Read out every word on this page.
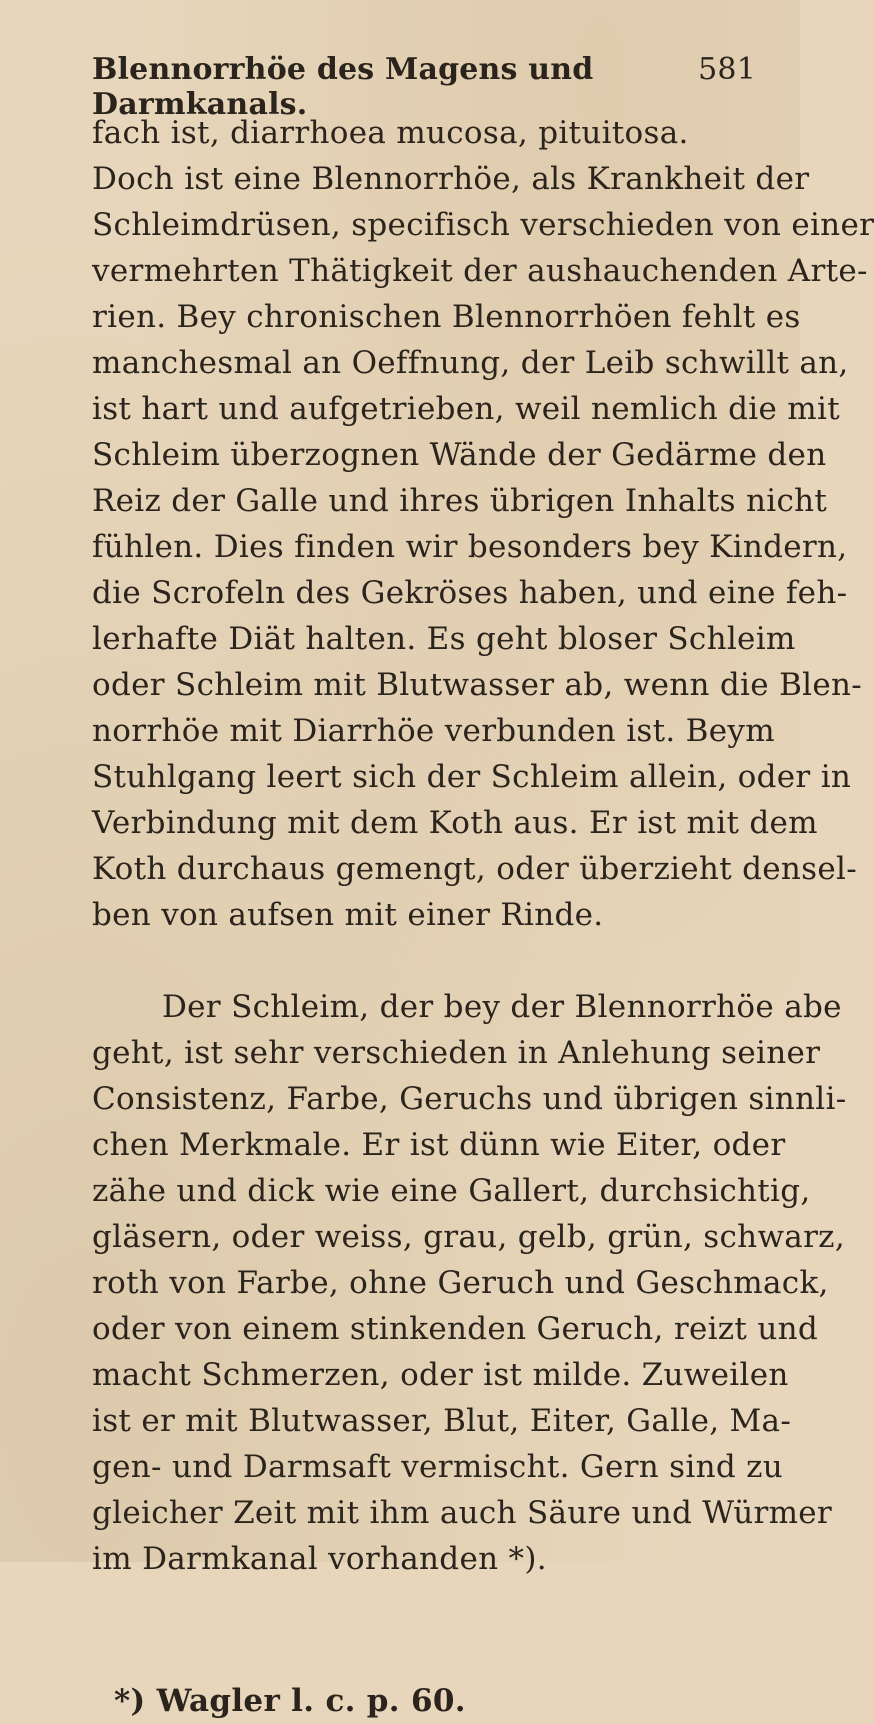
Blennorrhöe des Magens und Darmkanals.
581
fach ist, diarrhoea mucosa, pituitosa.
Doch ist eine Blennorrhöe, als Krankheit der
Schleimdrüsen, specifisch verschieden von einer
vermehrten Thätigkeit der aushauchenden Arte-
rien. Bey chronischen Blennorrhöen fehlt es
manchesmal an Oeffnung, der Leib schwillt an,
ist hart und aufgetrieben, weil nemlich die mit
Schleim überzognen Wände der Gedärme den
Reiz der Galle und ihres übrigen Inhalts nicht
fühlen. Dies finden wir besonders bey Kindern,
die Scrofeln des Gekröses haben, und eine feh-
lerhafte Diät halten. Es geht bloser Schleim
oder Schleim mit Blutwasser ab, wenn die Blen-
norrhöe mit Diarrhöe verbunden ist. Beym
Stuhlgang leert sich der Schleim allein, oder in
Verbindung mit dem Koth aus. Er ist mit dem
Koth durchaus gemengt, oder überzieht densel-
ben von aufsen mit einer Rinde.
Der Schleim, der bey der Blennorrhöe abe
geht, ist sehr verschieden in Anlehung seiner
Consistenz, Farbe, Geruchs und übrigen sinnli-
chen Merkmale. Er ist dünn wie Eiter, oder
zähe und dick wie eine Gallert, durchsichtig,
gläsern, oder weiss, grau, gelb, grün, schwarz,
roth von Farbe, ohne Geruch und Geschmack,
oder von einem stinkenden Geruch, reizt und
macht Schmerzen, oder ist milde. Zuweilen
ist er mit Blutwasser, Blut, Eiter, Galle, Ma-
gen- und Darmsaft vermischt. Gern sind zu
gleicher Zeit mit ihm auch Säure und Würmer
im Darmkanal vorhanden *).
*) Wagler l. c. p. 60.
